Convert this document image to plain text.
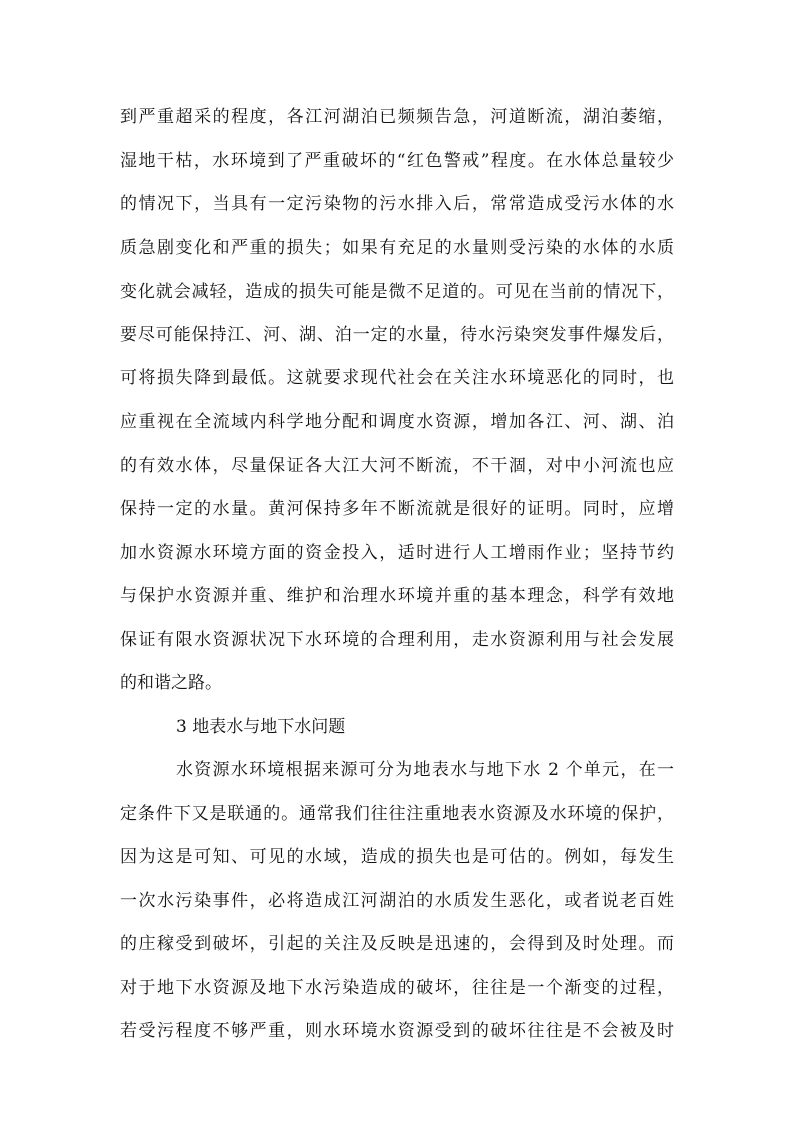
到严重超采的程度，各江河湖泊已频频告急，河道断流，湖泊萎缩，
湿地干枯，水环境到了严重破坏的“红色警戒”程度。在水体总量较少
的情况下，当具有一定污染物的污水排入后，常常造成受污水体的水
质急剧变化和严重的损失；如果有充足的水量则受污染的水体的水质
变化就会减轻，造成的损失可能是微不足道的。可见在当前的情况下，
要尽可能保持江、河、湖、泊一定的水量，待水污染突发事件爆发后，
可将损失降到最低。这就要求现代社会在关注水环境恶化的同时，也
应重视在全流域内科学地分配和调度水资源，增加各江、河、湖、泊
的有效水体，尽量保证各大江大河不断流，不干涸，对中小河流也应
保持一定的水量。黄河保持多年不断流就是很好的证明。同时，应增
加水资源水环境方面的资金投入，适时进行人工增雨作业；坚持节约
与保护水资源并重、维护和治理水环境并重的基本理念，科学有效地
保证有限水资源状况下水环境的合理利用，走水资源利用与社会发展
的和谐之路。
3 地表水与地下水问题
水资源水环境根据来源可分为地表水与地下水 2 个单元，在一
定条件下又是联通的。通常我们往往注重地表水资源及水环境的保护，
因为这是可知、可见的水域，造成的损失也是可估的。例如，每发生
一次水污染事件，必将造成江河湖泊的水质发生恶化，或者说老百姓
的庄稼受到破坏，引起的关注及反映是迅速的，会得到及时处理。而
对于地下水资源及地下水污染造成的破坏，往往是一个渐变的过程，
若受污程度不够严重，则水环境水资源受到的破坏往往是不会被及时
